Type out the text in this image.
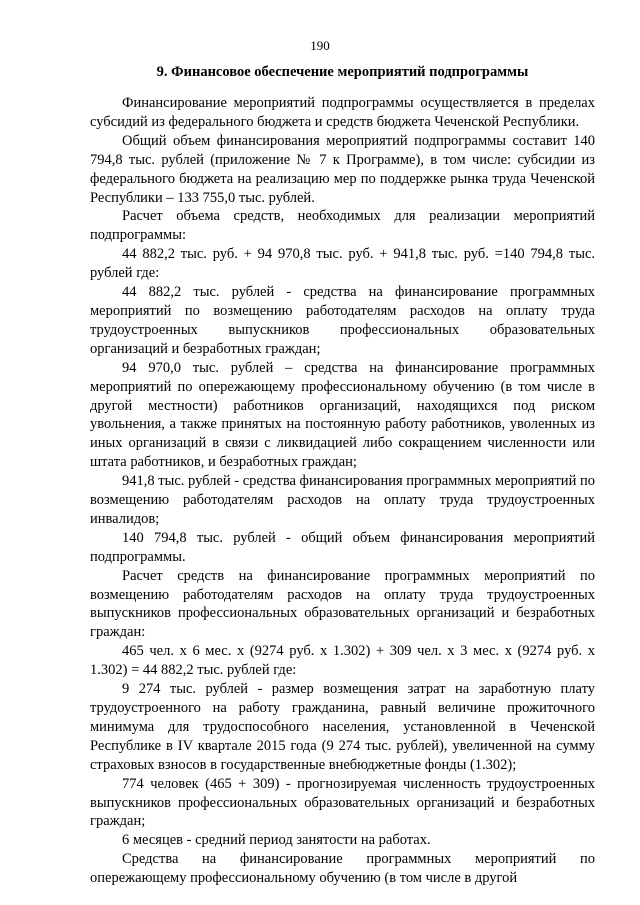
190
9. Финансовое обеспечение мероприятий подпрограммы

Финансирование мероприятий подпрограммы осуществляется в пределах субсидий из федерального бюджета и средств бюджета Чеченской Республики.

Общий объем финансирования мероприятий подпрограммы составит 140 794,8 тыс. рублей (приложение № 7 к Программе), в том числе: субсидии из федерального бюджета на реализацию мер по поддержке рынка труда Чеченской Республики – 133 755,0 тыс. рублей.

Расчет объема средств, необходимых для реализации мероприятий подпрограммы:

44 882,2 тыс. руб. + 94 970,8 тыс. руб. + 941,8 тыс. руб. =140 794,8 тыс. рублей где:

44 882,2 тыс. рублей - средства на финансирование программных мероприятий по возмещению работодателям расходов на оплату труда трудоустроенных выпускников профессиональных образовательных организаций и безработных граждан;

94 970,0 тыс. рублей – средства на финансирование программных мероприятий по опережающему профессиональному обучению (в том числе в другой местности) работников организаций, находящихся под риском увольнения, а также принятых на постоянную работу работников, уволенных из иных организаций в связи с ликвидацией либо сокращением численности или штата работников, и безработных граждан;

941,8 тыс. рублей - средства финансирования программных мероприятий по возмещению работодателям расходов на оплату труда трудоустроенных инвалидов;

140 794,8 тыс. рублей - общий объем финансирования мероприятий подпрограммы.

Расчет средств на финансирование программных мероприятий по возмещению работодателям расходов на оплату труда трудоустроенных выпускников профессиональных образовательных организаций и безработных граждан:

465 чел. x 6 мес. x (9274 руб. x 1.302) + 309 чел. x 3 мес. x (9274 руб. x 1.302) = 44 882,2 тыс. рублей где:

9 274 тыс. рублей - размер возмещения затрат на заработную плату трудоустроенного на работу гражданина, равный величине прожиточного минимума для трудоспособного населения, установленной в Чеченской Республике в IV квартале 2015 года (9 274 тыс. рублей), увеличенной на сумму страховых взносов в государственные внебюджетные фонды (1.302);

774 человек (465 + 309) - прогнозируемая численность трудоустроенных выпускников профессиональных образовательных организаций и безработных граждан;

6 месяцев - средний период занятости на работах.

Средства на финансирование программных мероприятий по опережающему профессиональному обучению (в том числе в другой
